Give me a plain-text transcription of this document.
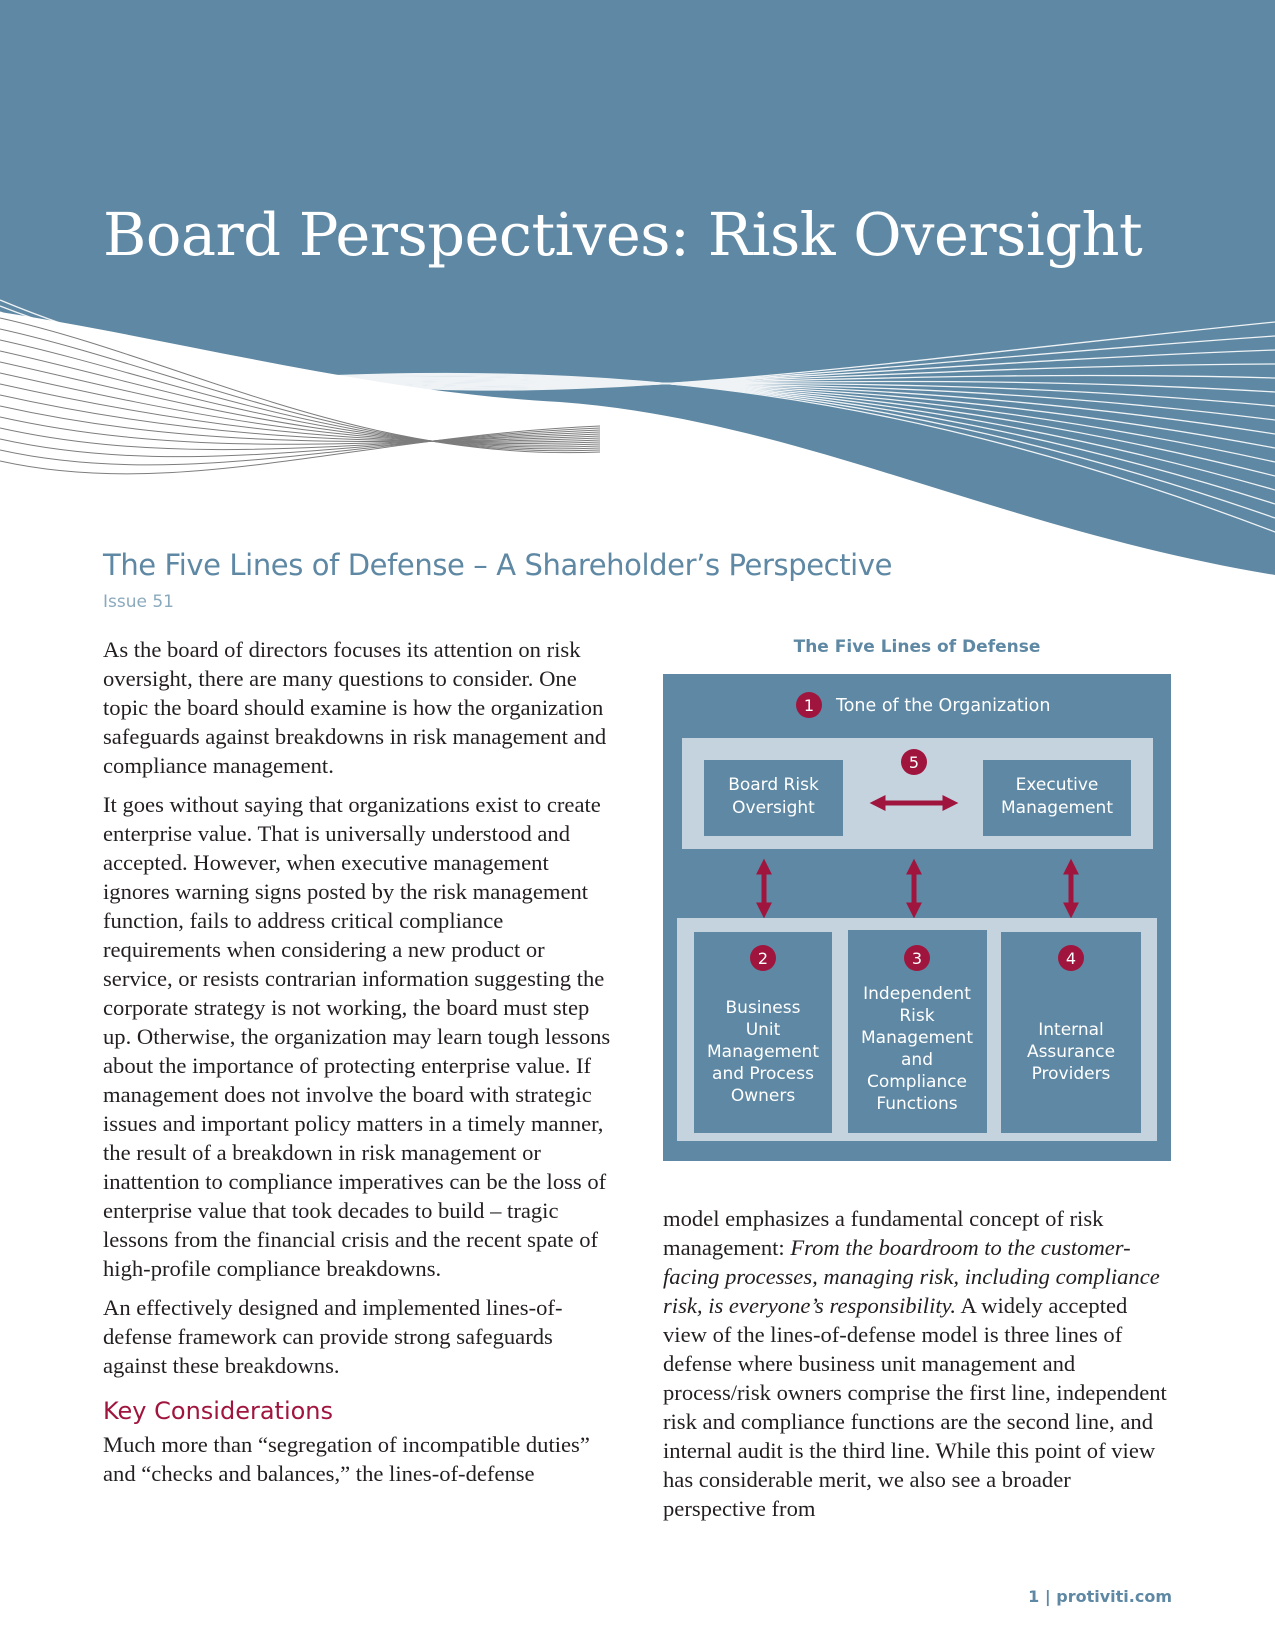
Board Perspectives: Risk Oversight
The Five Lines of Defense – A Shareholder’s Perspective
Issue 51

As the board of directors focuses its attention on risk oversight, there are many questions to consider. One topic the board should examine is how the organization safeguards against breakdowns in risk management and compliance management.

It goes without saying that organizations exist to create enterprise value. That is universally understood and accepted. However, when executive management ignores warning signs posted by the risk management function, fails to address critical compliance requirements when considering a new product or service, or resists contrarian information suggesting the corporate strategy is not working, the board must step up. Otherwise, the organization may learn tough lessons about the importance of protecting enterprise value. If management does not involve the board with strategic issues and important policy matters in a timely manner, the result of a breakdown in risk management or inattention to compliance imperatives can be the loss of enterprise value that took decades to build – tragic lessons from the financial crisis and the recent spate of high-profile compliance breakdowns.

An effectively designed and implemented lines-of-defense framework can provide strong safeguards against these breakdowns.

Key Considerations

Much more than “segregation of incompatible duties” and “checks and balances,” the lines-of-defense

The Five Lines of Defense
1 Tone of the Organization
Board Risk
Oversight
Executive
Management
5
2	3	4
Business
Unit
Management
and Process
Owners
Independent
Risk
Management
and
Compliance
Functions
Internal
Assurance
Providers

model emphasizes a fundamental concept of risk management: From the boardroom to the customer-facing processes, managing risk, including compliance risk, is everyone’s responsibility. A widely accepted view of the lines-of-defense model is three lines of defense where business unit management and process/risk owners comprise the first line, independent risk and compliance functions are the second line, and internal audit is the third line. While this point of view has considerable merit, we also see a broader perspective from

1 | protiviti.com
